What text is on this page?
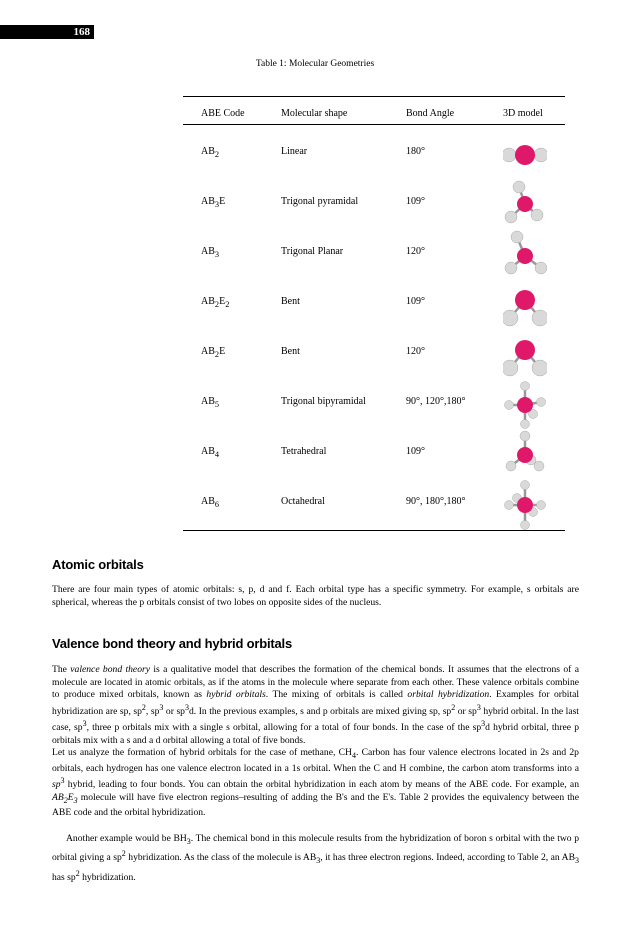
168
Table 1: Molecular Geometries
ABE Code	Molecular shape	Bond Angle	3D model
$AB_2$	Linear	180°
$AB_3E$	Trigonal pyramidal	109°
$AB_3$	Trigonal Planar	120°
$AB_2E_2$	Bent	109°
$AB_2E$	Bent	120°
$AB_5$	Trigonal bipyramidal	90°, 120°,180°
$AB_4$	Tetrahedral	109°
$AB_6$	Octahedral	90°, 180°,180°
Atomic orbitals
There are four main types of atomic orbitals: s, p, d and f. Each orbital type has a specific symmetry. For example, s orbitals are spherical, whereas the p orbitals consist of two lobes on opposite sides of the nucleus.
Valence bond theory and hybrid orbitals

The valence bond theory is a qualitative model that describes the formation of the chemical bonds. It assumes that the electrons of a molecule are located in atomic orbitals, as if the atoms in the molecule where separate from each other. These valence orbitals combine to produce mixed orbitals, known as hybrid orbitals. The mixing of orbitals is called orbital hybridization. Examples for orbital hybridization are sp, $sp^2$, $sp^3$ or $sp^3d$. In the previous examples, s and p orbitals are mixed giving sp, $sp^2$ or $sp^3$ hybrid orbital. In the last case, $sp^3$, three p orbitals mix with a single s orbital, allowing for a total of four bonds. In the case of the $sp^3d$ hybrid orbital, three p orbitals mix with a s and a d orbital allowing a total of five bonds.

Let us analyze the formation of hybrid orbitals for the case of methane, $CH_4$. Carbon has four valence electrons located in 2s and 2p orbitals, each hydrogen has one valence electron located in a 1s orbital. When the C and H combine, the carbon atom transforms into a $sp^3$ hybrid, leading to four bonds. You can obtain the orbital hybridization in each atom by means of the ABE code. For example, an $AB_2E_3$ molecule will have five electron regions–resulting of adding the B's and the E's. Table 2 provides the equivalency between the ABE code and the orbital hybridization.

Another example would be $BH_3$. The chemical bond in this molecule results from the hybridization of boron s orbital with the two p orbital giving a $sp^2$ hybridization. As the class of the molecule is $AB_3$, it has three electron regions. Indeed, according to Table 2, an $AB_3$ has $sp^2$ hybridization.
